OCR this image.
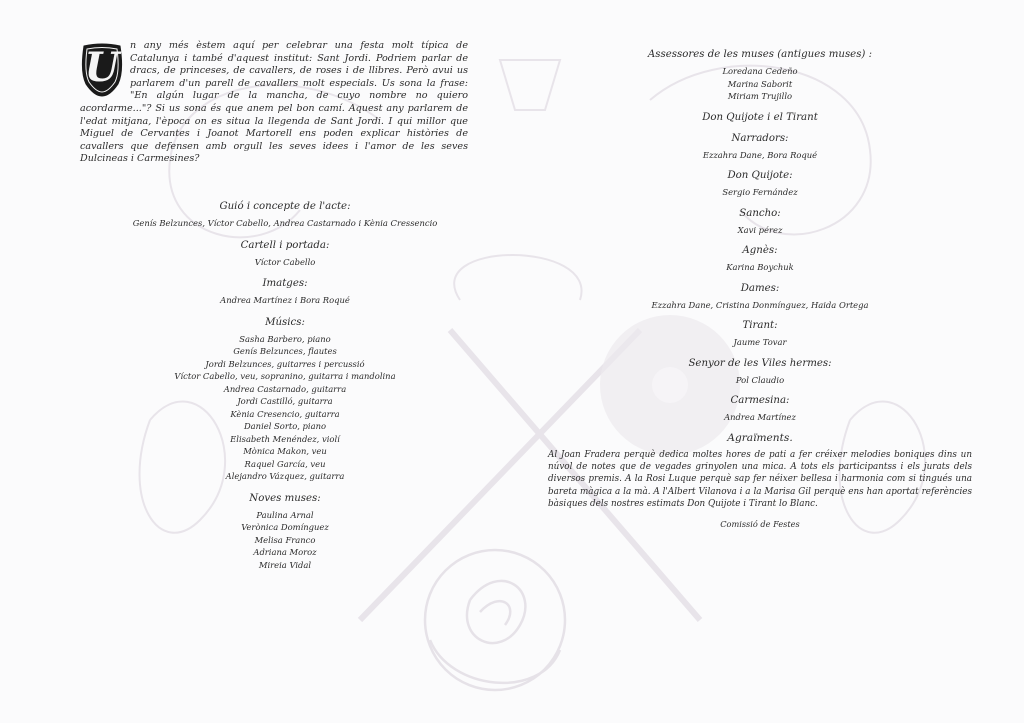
U	n any més èstem aquí per celebrar una festa molt típica de Catalunya i també d'aquest institut: Sant Jordi. Podriem parlar de dracs, de princeses, de cavallers, de roses i de llibres. Però avui us parlarem d'un parell de cavallers molt especials. Us sona la frase: "En algún lugar de la mancha, de cuyo nombre no quiero acordarme..."? Si us sona és que anem pel bon camí. Aquest any parlarem de l'edat mitjana, l'època on es situa la llegenda de Sant Jordi. I qui millor que Miguel de Cervantes i Joanot Martorell ens poden explicar històries de cavallers que defensen amb orgull les seves idees i l'amor de les seves Dulcineas i Carmesines?
Guió i concepte de l'acte:
Genís Belzunces, Víctor Cabello, Andrea Castarnado i Kènia Cressencio
Cartell i portada:
Víctor Cabello
Imatges:
Andrea Martínez i Bora Roqué
Músics:
Sasha Barbero, piano
Genís Belzunces, flautes
Jordi Belzunces, guitarres i percussió
Víctor Cabello, veu, sopranino, guitarra i mandolina
Andrea Castarnado, guitarra
Jordi Castilló, guitarra
Kènia Cresencio, guitarra
Daniel Sorto, piano
Elisabeth Menéndez, violí
Mònica Makon, veu
Raquel García, veu
Alejandro Vázquez, guitarra
Noves muses:
Paulina Arnal
Verònica Domínguez
Melisa Franco
Adriana Moroz
Mireia Vidal
Assessores de les muses (antigues muses) :
Loredana Cedeño
Marina Saborit
Miriam Trujillo
Don Quijote i el Tirant
Narradors:
Ezzahra Dane, Bora Roqué
Don Quijote:
Sergio Fernández
Sancho:
Xavi pérez
Agnès:
Karina Boychuk
Dames:
Ezzahra Dane, Cristina Donmínguez, Haida Ortega
Tirant:
Jaume Tovar
Senyor de les Viles hermes:
Pol Claudio
Carmesina:
Andrea Martínez
Agraïments.
Al Joan Fradera perquè dedica moltes hores de pati a fer créixer melodies boniques dins un núvol de notes que de vegades grinyolen una mica. A tots els participantss i els jurats dels diversos premis. A la Rosi Luque perquè sap fer néixer bellesa i harmonia com si tingués una bareta màgica a la mà. A l'Albert Vilanova i a la Marisa Gil perquè ens han aportat referències bàsiques dels nostres estimats Don Quijote i Tirant lo Blanc.
Comissió de Festes
